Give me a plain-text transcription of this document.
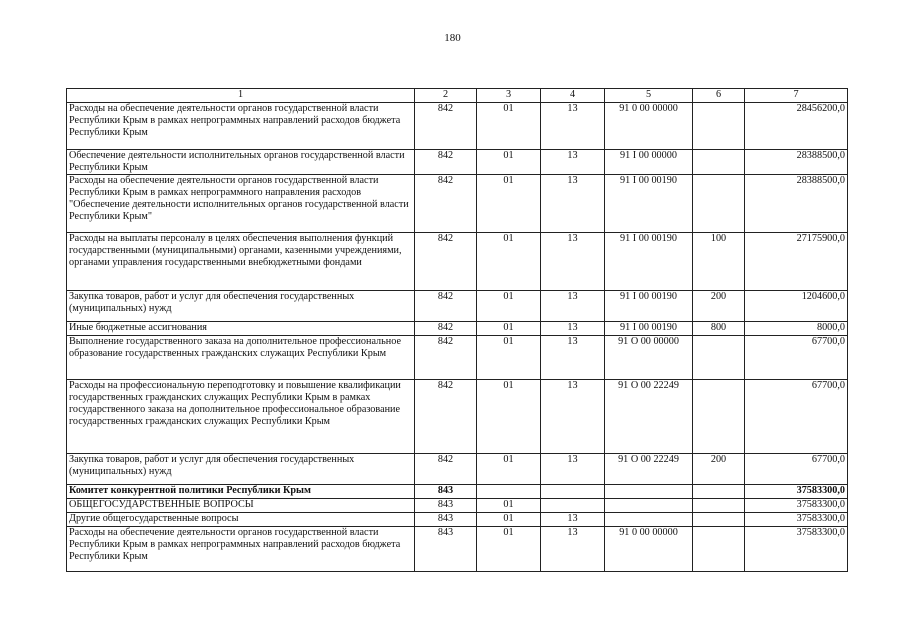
180
1	2	3	4	5	6	7
Расходы на обеспечение деятельности органов государственной власти Республики Крым в рамках непрограммных направлений расходов бюджета Республики Крым	842	01	13	91 0 00 00000		28456200,0
Обеспечение деятельности исполнительных органов государственной власти Республики Крым	842	01	13	91 I 00 00000		28388500,0
Расходы на обеспечение деятельности органов государственной власти Республики Крым в рамках непрограммного направления расходов "Обеспечение деятельности исполнительных органов государственной власти Республики Крым"	842	01	13	91 I 00 00190		28388500,0
Расходы на выплаты персоналу в целях обеспечения выполнения функций государственными (муниципальными) органами, казенными учреждениями, органами управления государственными внебюджетными фондами	842	01	13	91 I 00 00190	100	27175900,0
Закупка товаров, работ и услуг для обеспечения государственных (муниципальных) нужд	842	01	13	91 I 00 00190	200	1204600,0
Иные бюджетные ассигнования	842	01	13	91 I 00 00190	800	8000,0
Выполнение государственного заказа на дополнительное профессиональное образование государственных гражданских служащих Республики Крым	842	01	13	91 О 00 00000		67700,0
Расходы на профессиональную переподготовку и повышение квалификации государственных гражданских служащих Республики Крым в рамках государственного заказа на дополнительное профессиональное образование государственных гражданских служащих Республики Крым	842	01	13	91 О 00 22249		67700,0
Закупка товаров, работ и услуг для обеспечения государственных (муниципальных) нужд	842	01	13	91 О 00 22249	200	67700,0
Комитет конкурентной политики Республики Крым	843					37583300,0
ОБЩЕГОСУДАРСТВЕННЫЕ ВОПРОСЫ	843	01				37583300,0
Другие общегосударственные вопросы	843	01	13			37583300,0
Расходы на обеспечение деятельности органов государственной власти Республики Крым в рамках непрограммных направлений расходов бюджета Республики Крым	843	01	13	91 0 00 00000		37583300,0
